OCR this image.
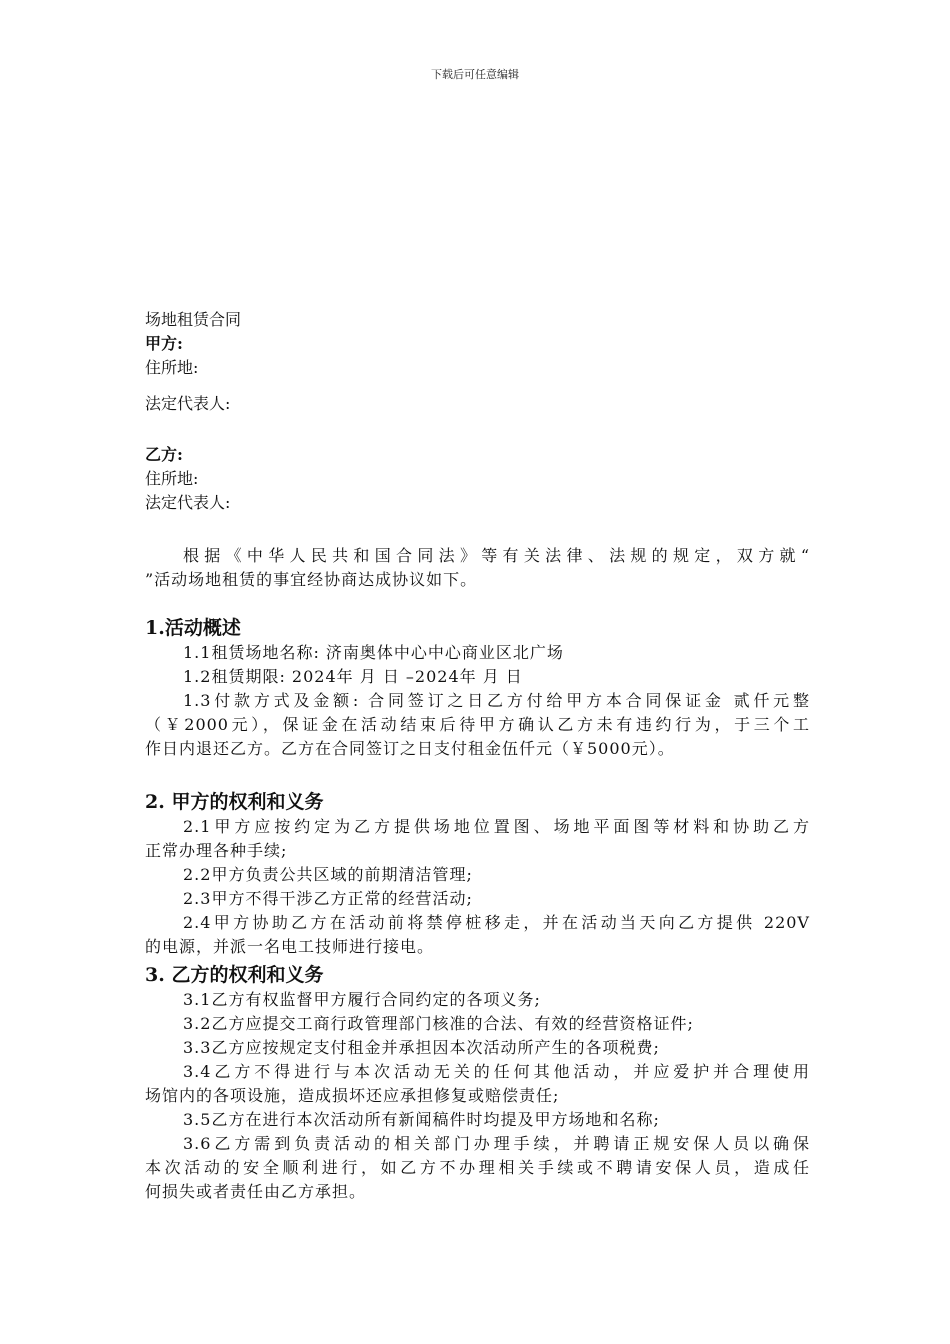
下载后可任意编辑
场地租赁合同
甲方:
住所地:
法定代表人:
乙方:
住所地:
法定代表人:
根据《中华人民共和国合同法》等有关法律、法规的规定，双方就“
”活动场地租赁的事宜经协商达成协议如下。
1.活动概述
1.1租赁场地名称: 济南奥体中心中心商业区北广场
1.2租赁期限: 2024年 月 日 –2024年 月 日
1.3付款方式及金额: 合同签订之日乙方付给甲方本合同保证金 贰仟元整
（￥2000元），保证金在活动结束后待甲方确认乙方未有违约行为，于三个工
作日内退还乙方。乙方在合同签订之日支付租金伍仟元（￥5000元）。
2. 甲方的权利和义务
2.1甲方应按约定为乙方提供场地位置图、场地平面图等材料和协助乙方
正常办理各种手续;
2.2甲方负责公共区域的前期清洁管理;
2.3甲方不得干涉乙方正常的经营活动;
2.4甲方协助乙方在活动前将禁停桩移走，并在活动当天向乙方提供 220V
的电源，并派一名电工技师进行接电。
3. 乙方的权利和义务
3.1乙方有权监督甲方履行合同约定的各项义务;
3.2乙方应提交工商行政管理部门核准的合法、有效的经营资格证件;
3.3乙方应按规定支付租金并承担因本次活动所产生的各项税费;
3.4乙方不得进行与本次活动无关的任何其他活动，并应爱护并合理使用
场馆内的各项设施，造成损坏还应承担修复或赔偿责任;
3.5乙方在进行本次活动所有新闻稿件时均提及甲方场地和名称;
3.6乙方需到负责活动的相关部门办理手续，并聘请正规安保人员以确保
本次活动的安全顺利进行，如乙方不办理相关手续或不聘请安保人员，造成任
何损失或者责任由乙方承担。
